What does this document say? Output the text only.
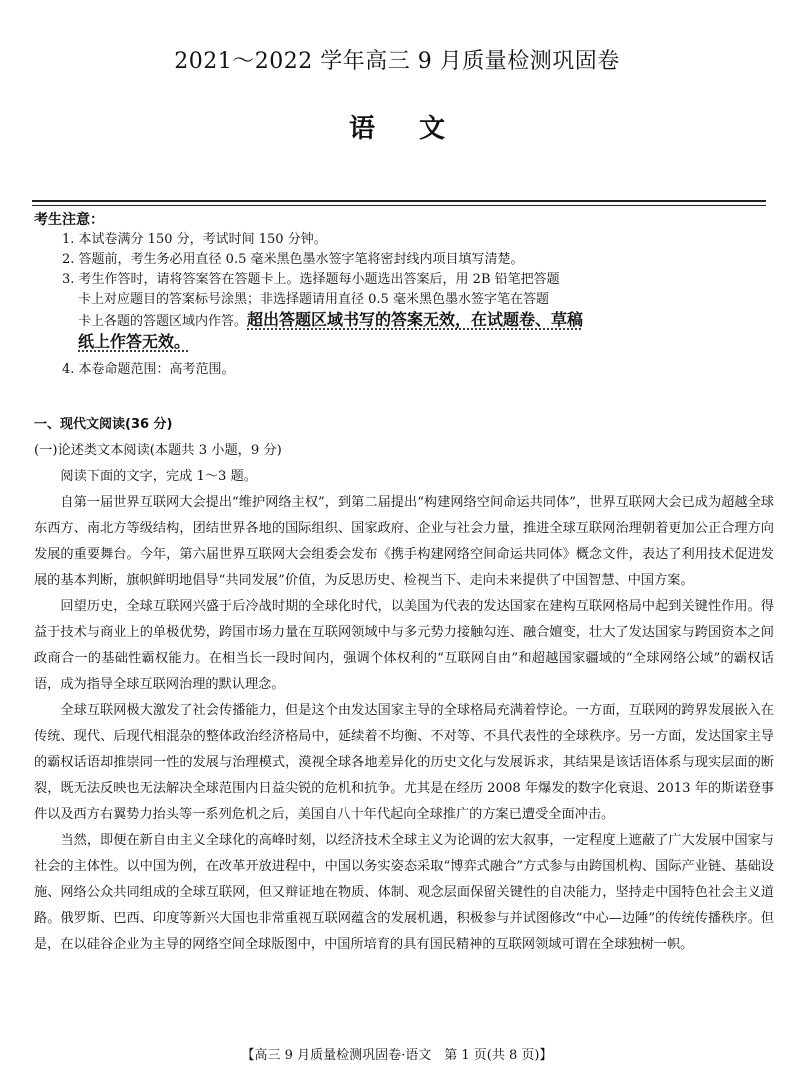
2021～2022 学年高三 9 月质量检测巩固卷
语 文
考生注意：
1. 本试卷满分 150 分，考试时间 150 分钟。
2. 答题前，考生务必用直径 0.5 毫米黑色墨水签字笔将密封线内项目填写清楚。
3. 考生作答时，请将答案答在答题卡上。选择题每小题选出答案后，用 2B 铅笔把答题
卡上对应题目的答案标号涂黑；非选择题请用直径 0.5 毫米黑色墨水签字笔在答题
卡上各题的答题区域内作答。超出答题区域书写的答案无效，在试题卷、草稿
纸上作答无效。
4. 本卷命题范围：高考范围。
一、现代文阅读(36 分)
(一)论述类文本阅读(本题共 3 小题，9 分)
阅读下面的文字，完成 1～3 题。

自第一届世界互联网大会提出“维护网络主权”，到第二届提出“构建网络空间命运共同体”，世界互联网大会已成为超越全球东西方、南北方等级结构，团结世界各地的国际组织、国家政府、企业与社会力量，推进全球互联网治理朝着更加公正合理方向发展的重要舞台。今年，第六届世界互联网大会组委会发布《携手构建网络空间命运共同体》概念文件，表达了利用技术促进发展的基本判断，旗帜鲜明地倡导“共同发展”价值，为反思历史、检视当下、走向未来提供了中国智慧、中国方案。

回望历史，全球互联网兴盛于后冷战时期的全球化时代，以美国为代表的发达国家在建构互联网格局中起到关键性作用。得益于技术与商业上的单极优势，跨国市场力量在互联网领域中与多元势力接触勾连、融合嬗变，壮大了发达国家与跨国资本之间政商合一的基础性霸权能力。在相当长一段时间内，强调个体权利的“互联网自由”和超越国家疆域的“全球网络公域”的霸权话语，成为指导全球互联网治理的默认理念。

全球互联网极大激发了社会传播能力，但是这个由发达国家主导的全球格局充满着悖论。一方面，互联网的跨界发展嵌入在传统、现代、后现代相混杂的整体政治经济格局中，延续着不均衡、不对等、不具代表性的全球秩序。另一方面，发达国家主导的霸权话语却推崇同一性的发展与治理模式，漠视全球各地差异化的历史文化与发展诉求，其结果是该话语体系与现实层面的断裂，既无法反映也无法解决全球范围内日益尖锐的危机和抗争。尤其是在经历 2008 年爆发的数字化衰退、2013 年的斯诺登事件以及西方右翼势力抬头等一系列危机之后，美国自八十年代起向全球推广的方案已遭受全面冲击。

当然，即便在新自由主义全球化的高峰时刻，以经济技术全球主义为论调的宏大叙事，一定程度上遮蔽了广大发展中国家与社会的主体性。以中国为例，在改革开放进程中，中国以务实姿态采取“博弈式融合”方式参与由跨国机构、国际产业链、基础设施、网络公众共同组成的全球互联网，但又辩证地在物质、体制、观念层面保留关键性的自决能力，坚持走中国特色社会主义道路。俄罗斯、巴西、印度等新兴大国也非常重视互联网蕴含的发展机遇，积极参与并试图修改“中心—边陲”的传统传播秩序。但是，在以硅谷企业为主导的网络空间全球版图中，中国所培育的具有国民精神的互联网领域可谓在全球独树一帜。

【高三 9 月质量检测巩固卷·语文　第 1 页(共 8 页)】
